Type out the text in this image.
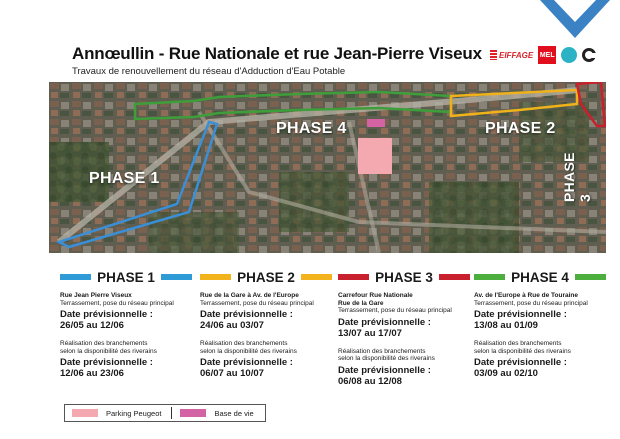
Annœullin - Rue Nationale et rue Jean-Pierre Viseux
Travaux de renouvellement du réseau d'Adduction d'Eau Potable
EIFFAGE MEL
PHASE 4	PHASE 2
PHASE 1	PHASE 3
PHASE 1
Rue Jean Pierre Viseux
Terrassement, pose du réseau principal
Date prévisionnelle :
26/05 au 12/06
Réalisation des branchements
selon la disponibilité des riverains
Date prévisionnelle :
12/06 au 23/06
PHASE 2
Rue de la Gare à Av. de l'Europe
Terrassement, pose du réseau principal
Date prévisionnelle :
24/06 au 03/07
Réalisation des branchements
selon la disponibilité des riverains
Date prévisionnelle :
06/07 au 10/07
PHASE 3
Carrefour Rue Nationale
Rue de la Gare
Terrassement, pose du réseau principal
Date prévisionnelle :
13/07 au 17/07
Réalisation des branchements
selon la disponibilité des riverains
Date prévisionnelle :
06/08 au 12/08
PHASE 4
Av. de l'Europe à Rue de Touraine
Terrassement, pose du réseau principal
Date prévisionnelle :
13/08 au 01/09
Réalisation des branchements
selon la disponibilité des riverains
Date prévisionnelle :
03/09 au 02/10
Parking Peugeot	Base de vie
